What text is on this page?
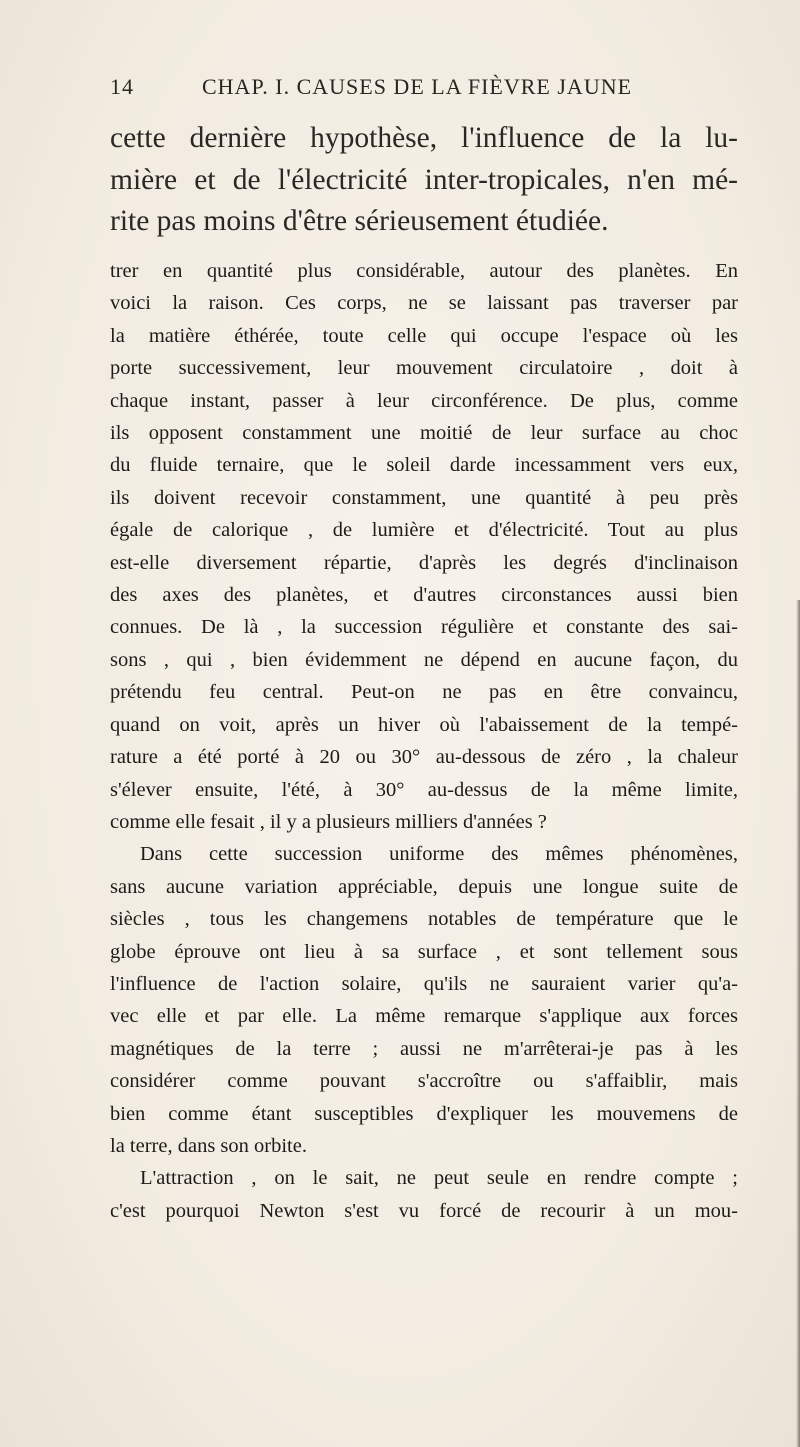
14	CHAP. I. CAUSES DE LA FIÈVRE JAUNE
cette dernière hypothèse, l'influence de la lu-
mière et de l'électricité inter-tropicales, n'en mé-
rite pas moins d'être sérieusement étudiée.
trer en quantité plus considérable, autour des planètes. En
voici la raison. Ces corps, ne se laissant pas traverser par
la matière éthérée, toute celle qui occupe l'espace où les
porte successivement, leur mouvement circulatoire , doit à
chaque instant, passer à leur circonférence. De plus, comme
ils opposent constamment une moitié de leur surface au choc
du fluide ternaire, que le soleil darde incessamment vers eux,
ils doivent recevoir constamment, une quantité à peu près
égale de calorique , de lumière et d'électricité. Tout au plus
est-elle diversement répartie, d'après les degrés d'inclinaison
des axes des planètes, et d'autres circonstances aussi bien
connues. De là , la succession régulière et constante des sai-
sons , qui , bien évidemment ne dépend en aucune façon, du
prétendu feu central. Peut-on ne pas en être convaincu,
quand on voit, après un hiver où l'abaissement de la tempé-
rature a été porté à 20 ou 30° au-dessous de zéro , la chaleur
s'élever ensuite, l'été, à 30° au-dessus de la même limite,
comme elle fesait , il y a plusieurs milliers d'années ?
Dans cette succession uniforme des mêmes phénomènes,
sans aucune variation appréciable, depuis une longue suite de
siècles , tous les changemens notables de température que le
globe éprouve ont lieu à sa surface , et sont tellement sous
l'influence de l'action solaire, qu'ils ne sauraient varier qu'a-
vec elle et par elle. La même remarque s'applique aux forces
magnétiques de la terre ; aussi ne m'arrêterai-je pas à les
considérer comme pouvant s'accroître ou s'affaiblir, mais
bien comme étant susceptibles d'expliquer les mouvemens de
la terre, dans son orbite.
L'attraction , on le sait, ne peut seule en rendre compte ;
c'est pourquoi Newton s'est vu forcé de recourir à un mou-
